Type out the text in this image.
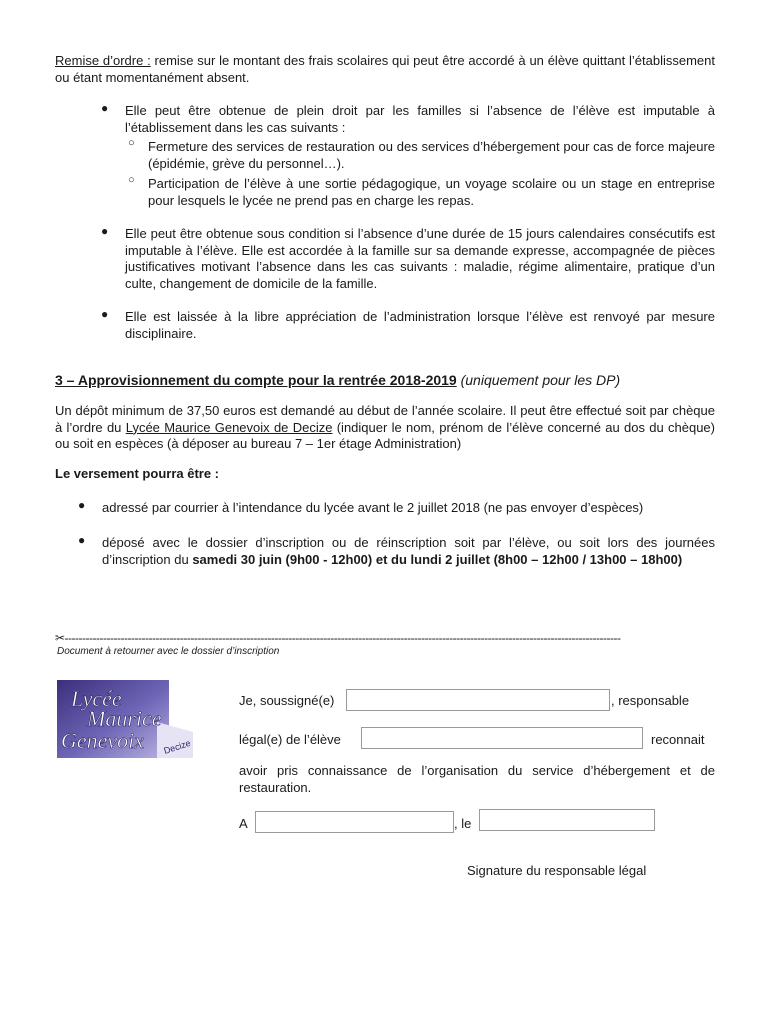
Remise d’ordre : remise sur le montant des frais scolaires qui peut être accordé à un élève quittant l’établissement ou étant momentanément absent.
● Elle peut être obtenue de plein droit par les familles si l’absence de l’élève est imputable à l’établissement dans les cas suivants :
○ Fermeture des services de restauration ou des services d’hébergement pour cas de force majeure (épidémie, grève du personnel…).
○ Participation de l’élève à une sortie pédagogique, un voyage scolaire ou un stage en entreprise pour lesquels le lycée ne prend pas en charge les repas.
● Elle peut être obtenue sous condition si l’absence d’une durée de 15 jours calendaires consécutifs est imputable à l’élève. Elle est accordée à la famille sur sa demande expresse, accompagnée de pièces justificatives motivant l’absence dans les cas suivants : maladie, régime alimentaire, pratique d’un culte, changement de domicile de la famille.
● Elle est laissée à la libre appréciation de l’administration lorsque l’élève est renvoyé par mesure disciplinaire.
3 – Approvisionnement du compte pour la rentrée 2018-2019 (uniquement pour les DP)
Un dépôt minimum de 37,50 euros est demandé au début de l’année scolaire. Il peut être effectué soit par chèque à l’ordre du Lycée Maurice Genevoix de Decize (indiquer le nom, prénom de l’élève concerné au dos du chèque) ou soit en espèces (à déposer au bureau 7 – 1er étage Administration)
Le versement pourra être :
● adressé par courrier à l’intendance du lycée avant le 2 juillet 2018 (ne pas envoyer d’espèces)
● déposé avec le dossier d’inscription ou de réinscription soit par l’élève, ou soit lors des journées d’inscription du samedi 30 juin (9h00 - 12h00) et du lundi 2 juillet (8h00 – 12h00 / 13h00 – 18h00)
✂---------------------------------------------------------------------------------------------------------------------------------------------------------------
Document à retourner avec le dossier d’inscription
Lycée
Maurice
Genevoix Decize
Je, soussigné(e)	, responsable
légal(e) de l’élève	reconnait
avoir pris connaissance de l’organisation du service d’hébergement et de restauration.
A	, le
Signature du responsable légal
